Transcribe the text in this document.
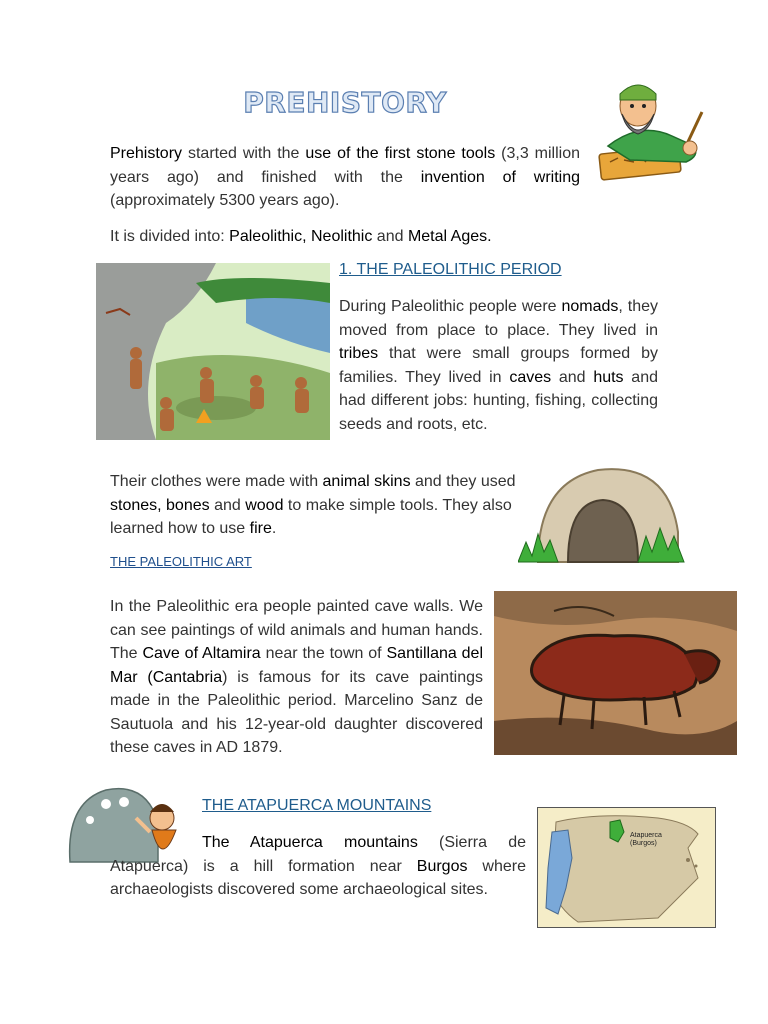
PREHISTORY
Prehistory started with the use of the first stone tools (3,3 million years ago) and finished with the invention of writing (approximately 5300 years ago).
It is divided into: Paleolithic, Neolithic and Metal Ages.
1. THE PALEOLITHIC PERIOD
During Paleolithic people were nomads, they moved from place to place. They lived in tribes that were small groups formed by families. They lived in caves and huts and had different jobs: hunting, fishing, collecting seeds and roots, etc.
Their clothes were made with animal skins and they used stones, bones and wood to make simple tools. They also learned how to use fire.
THE PALEOLITHIC ART
In the Paleolithic era people painted cave walls. We can see paintings of wild animals and human hands. The Cave of Altamira near the town of Santillana del Mar (Cantabria) is famous for its cave paintings made in the Paleolithic period. Marcelino Sanz de Sautuola and his 12-year-old daughter discovered these caves in AD 1879.
THE ATAPUERCA MOUNTAINS
The Atapuerca mountains (Sierra de Atapuerca) is a hill formation near Burgos where archaeologists discovered some archaeological sites.
Atapuerca
(Burgos)
